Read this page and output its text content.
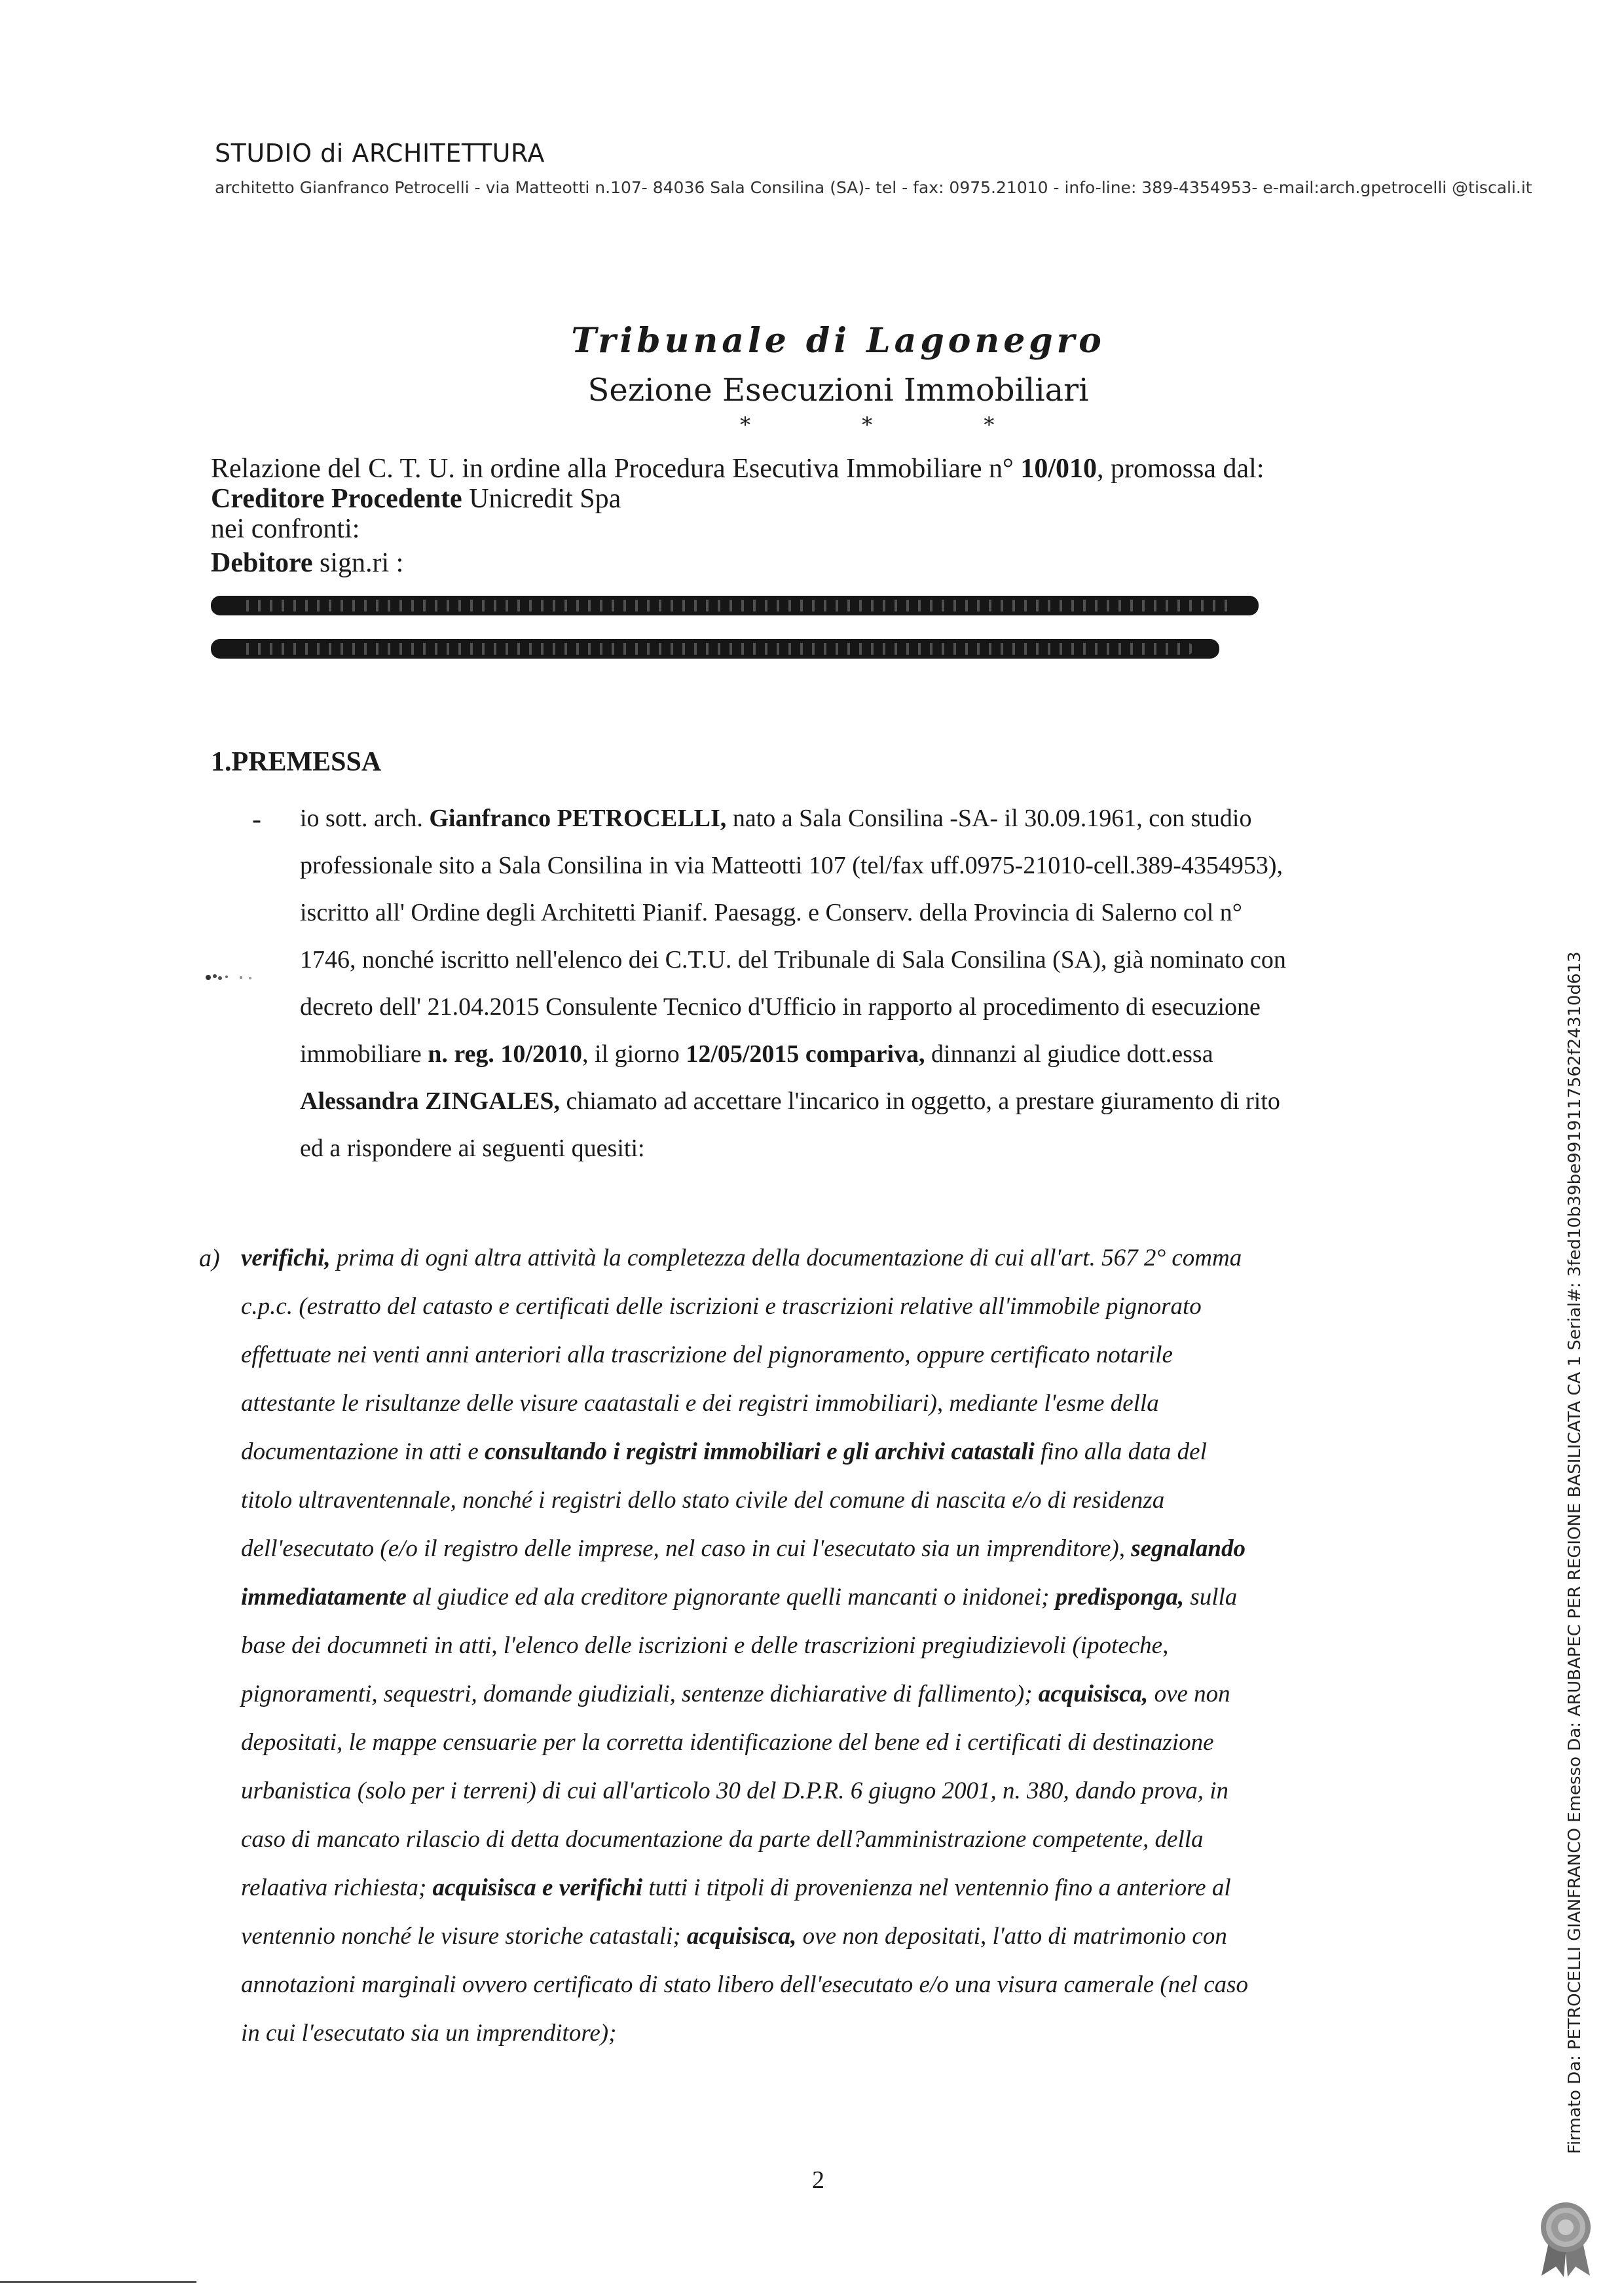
STUDIO di ARCHITETTURA
architetto Gianfranco Petrocelli - via Matteotti n.107- 84036 Sala Consilina (SA)- tel - fax: 0975.21010 - info-line: 389-4354953- e-mail:arch.gpetrocelli @tiscali.it
Tribunale di Lagonegro
Sezione Esecuzioni Immobiliari
* * *
Relazione del C. T. U. in ordine alla Procedura Esecutiva Immobiliare n° 10/010, promossa dal:
Creditore Procedente Unicredit Spa
nei confronti:
Debitore sign.ri :
1.PREMESSA
- io sott. arch. Gianfranco PETROCELLI, nato a Sala Consilina -SA- il 30.09.1961, con studio
professionale sito a Sala Consilina in via Matteotti 107 (tel/fax uff.0975-21010-cell.389-4354953),
iscritto all' Ordine degli Architetti Pianif. Paesagg. e Conserv. della Provincia di Salerno col n°
1746, nonché iscritto nell'elenco dei C.T.U. del Tribunale di Sala Consilina (SA), già nominato con
decreto dell' 21.04.2015 Consulente Tecnico d'Ufficio in rapporto al procedimento di esecuzione
immobiliare n. reg. 10/2010, il giorno 12/05/2015 compariva, dinnanzi al giudice dott.essa
Alessandra ZINGALES, chiamato ad accettare l'incarico in oggetto, a prestare giuramento di rito
ed a rispondere ai seguenti quesiti:
a) verifichi, prima di ogni altra attività la completezza della documentazione di cui all'art. 567 2° comma
c.p.c. (estratto del catasto e certificati delle iscrizioni e trascrizioni relative all'immobile pignorato
effettuate nei venti anni anteriori alla trascrizione del pignoramento, oppure certificato notarile
attestante le risultanze delle visure caatastali e dei registri immobiliari), mediante l'esme della
documentazione in atti e consultando i registri immobiliari e gli archivi catastali fino alla data del
titolo ultraventennale, nonché i registri dello stato civile del comune di nascita e/o di residenza
dell'esecutato (e/o il registro delle imprese, nel caso in cui l'esecutato sia un imprenditore), segnalando
immediatamente al giudice ed ala creditore pignorante quelli mancanti o inidonei; predisponga, sulla
base dei documneti in atti, l'elenco delle iscrizioni e delle trascrizioni pregiudizievoli (ipoteche,
pignoramenti, sequestri, domande giudiziali, sentenze dichiarative di fallimento); acquisisca, ove non
depositati, le mappe censuarie per la corretta identificazione del bene ed i certificati di destinazione
urbanistica (solo per i terreni) di cui all'articolo 30 del D.P.R. 6 giugno 2001, n. 380, dando prova, in
caso di mancato rilascio di detta documentazione da parte dell?amministrazione competente, della
relaativa richiesta; acquisisca e verifichi tutti i titpoli di provenienza nel ventennio fino a anteriore al
ventennio nonché le visure storiche catastali; acquisisca, ove non depositati, l'atto di matrimonio con
annotazioni marginali ovvero certificato di stato libero dell'esecutato e/o una visura camerale (nel caso
in cui l'esecutato sia un imprenditore);
2
Firmato Da: PETROCELLI GIANFRANCO Emesso Da: ARUBAPEC PER REGIONE BASILICATA CA 1 Serial#: 3fed10b39be9919117562f24310d613
